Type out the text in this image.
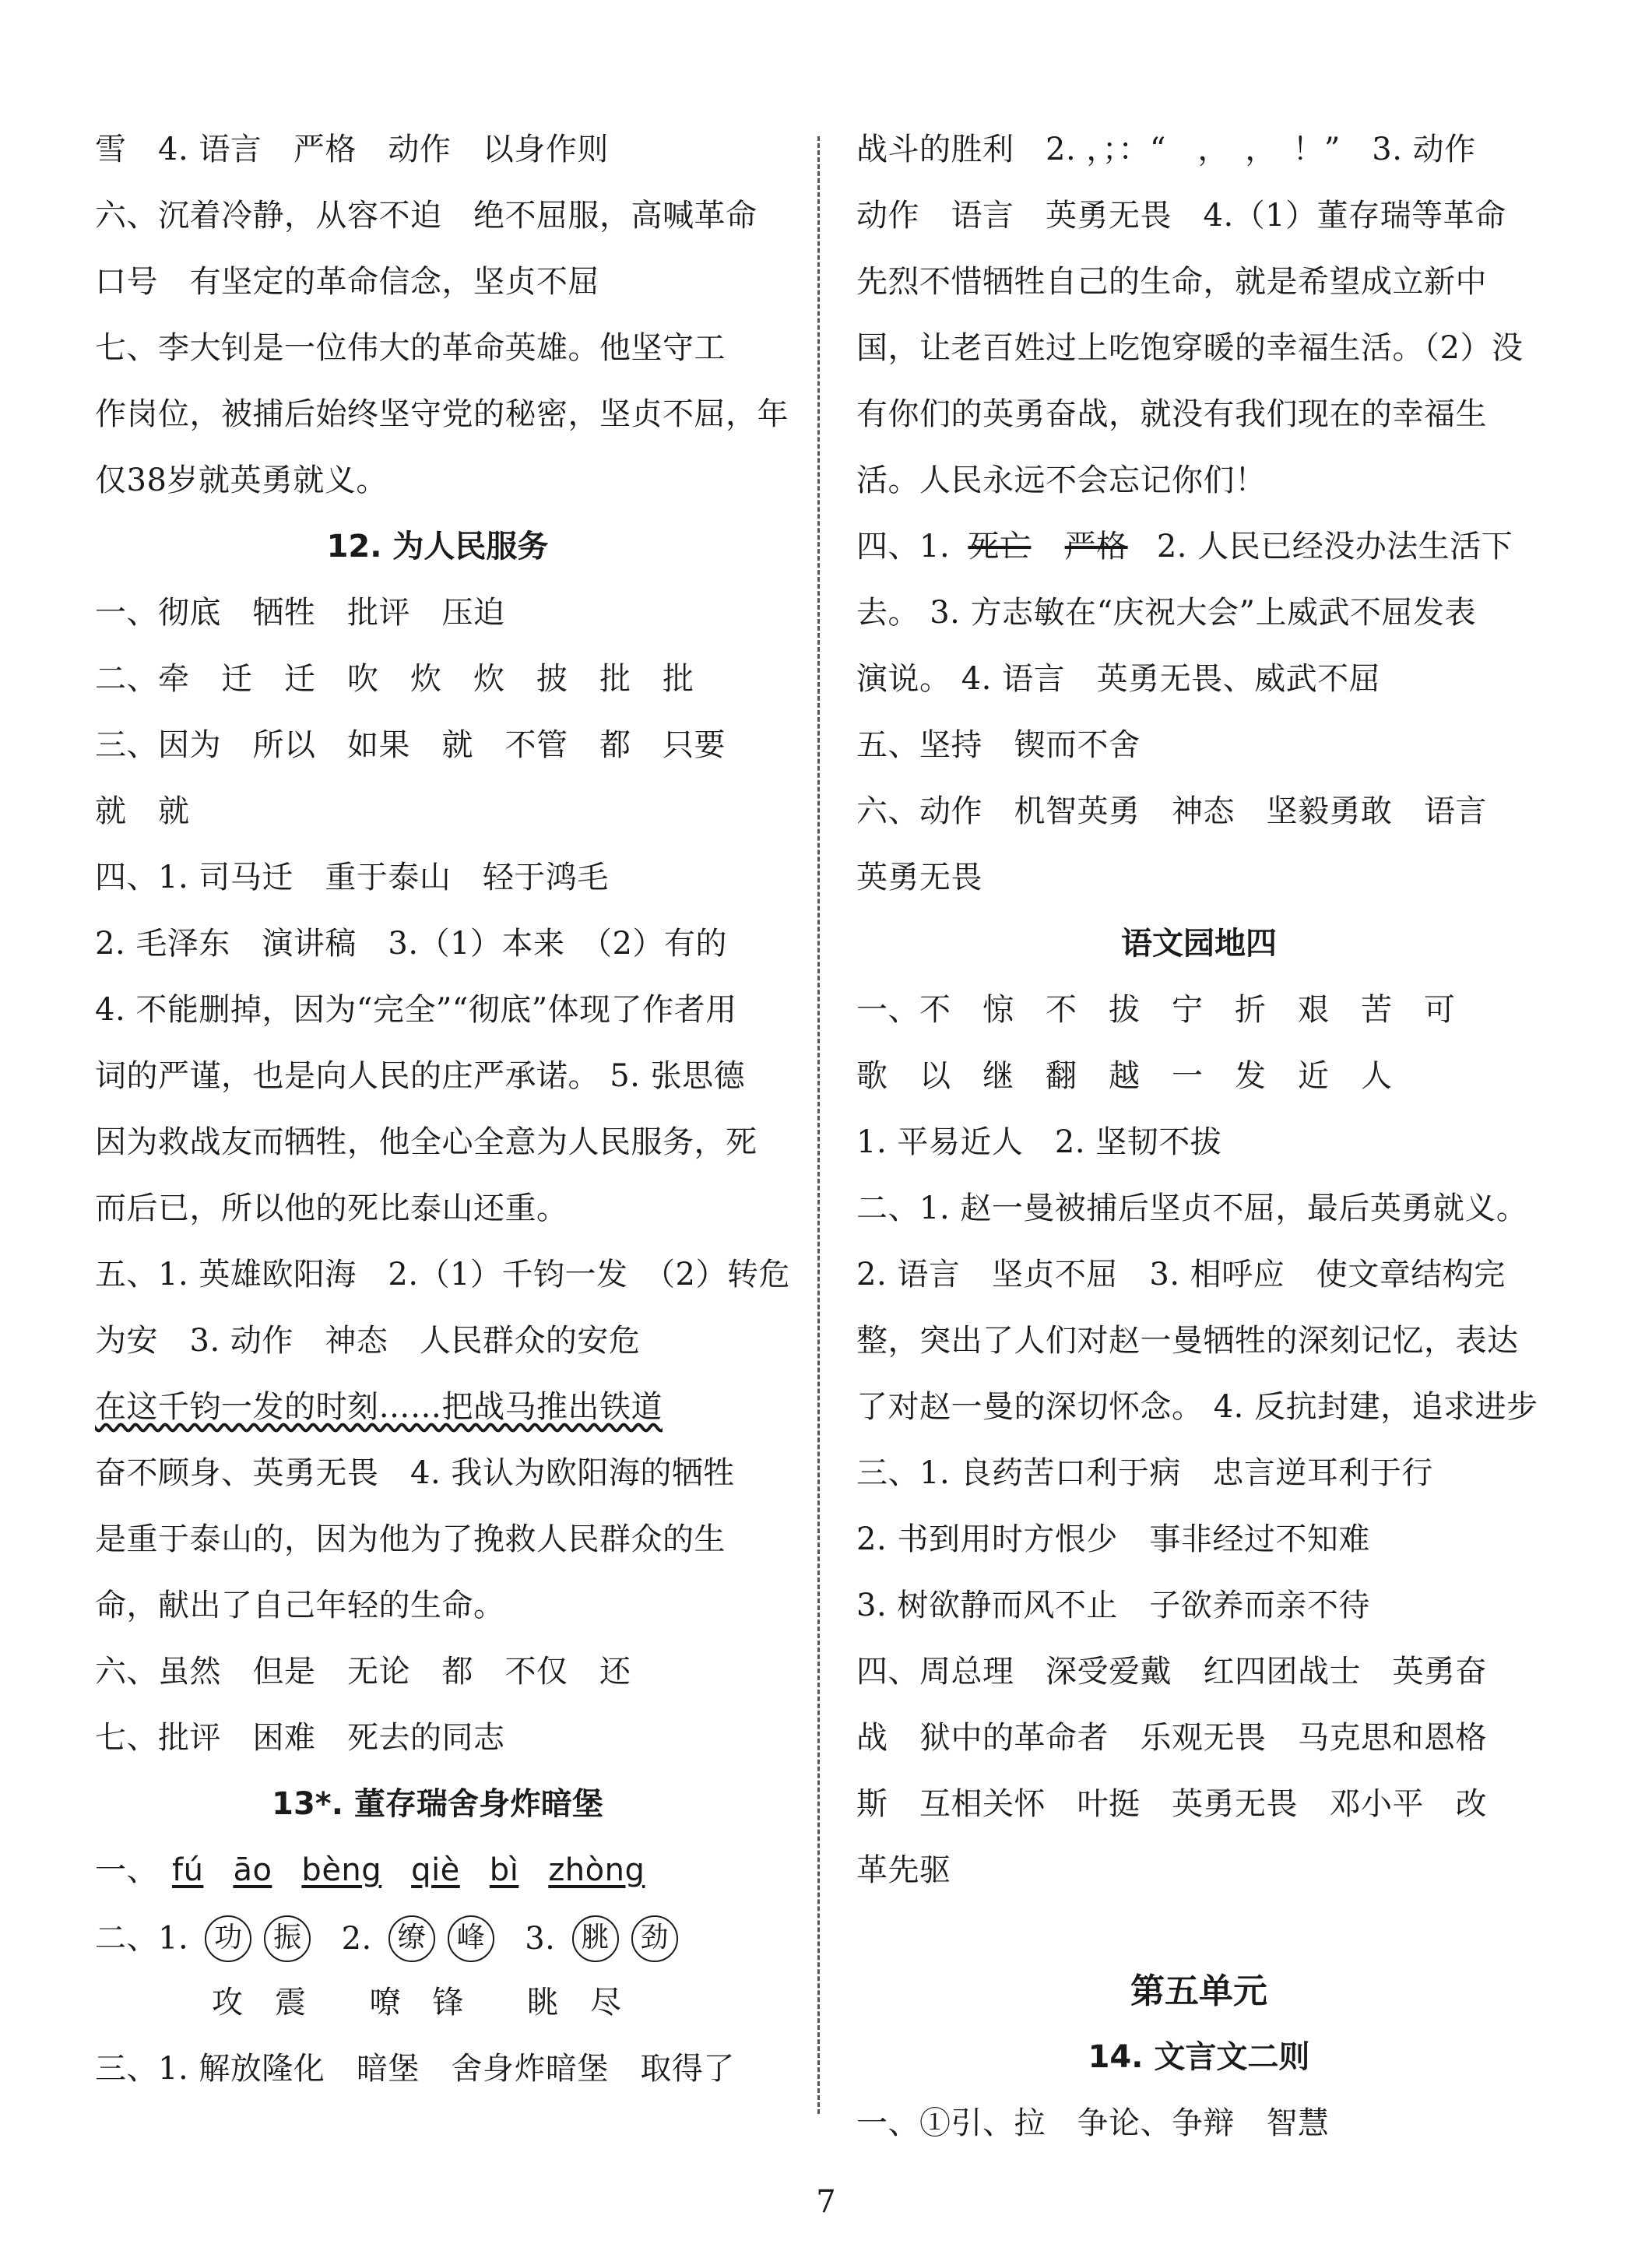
雪　4. 语言　严格　动作　以身作则
六、沉着冷静，从容不迫　绝不屈服，高喊革命
口号　有坚定的革命信念，坚贞不屈
七、李大钊是一位伟大的革命英雄。他坚守工
作岗位，被捕后始终坚守党的秘密，坚贞不屈，年
仅38岁就英勇就义。
12. 为人民服务
一、彻底　牺牲　批评　压迫
二、牵　迁　迁　吹　炊　炊　披　批　批
三、因为　所以　如果　就　不管　都　只要
就　就
四、1. 司马迁　重于泰山　轻于鸿毛
2. 毛泽东　演讲稿　3.（1）本来　（2）有的
4. 不能删掉，因为“完全”“彻底”体现了作者用
词的严谨，也是向人民的庄严承诺。 5. 张思德
因为救战友而牺牲，他全心全意为人民服务，死
而后已，所以他的死比泰山还重。
五、1. 英雄欧阳海　2.（1）千钧一发　（2）转危
为安　3. 动作　神态　人民群众的安危
在这千钧一发的时刻……把战马推出铁道
奋不顾身、英勇无畏　4. 我认为欧阳海的牺牲
是重于泰山的，因为他为了挽救人民群众的生
命，献出了自己年轻的生命。
六、虽然　但是　无论　都　不仅　还
七、批评　困难　死去的同志
13*. 董存瑞舍身炸暗堡
一、 fú āo bèng qiè bì zhòng
二、1. 功 振 2. 缭 峰 3. 脁 劲
攻　震　　嘹　锋　　眺　尽
三、1. 解放隆化　暗堡　舍身炸暗堡　取得了
战斗的胜利　2. ，；：“　，　，　！”　3. 动作
动作　语言　英勇无畏　4.（1）董存瑞等革命
先烈不惜牺牲自己的生命，就是希望成立新中
国，让老百姓过上吃饱穿暖的幸福生活。（2）没
有你们的英勇奋战，就没有我们现在的幸福生
活。人民永远不会忘记你们！
四、1. 死亡 严格 2. 人民已经没办法生活下
去。 3. 方志敏在“庆祝大会”上威武不屈发表
演说。 4. 语言　英勇无畏、威武不屈
五、坚持　锲而不舍
六、动作　机智英勇　神态　坚毅勇敢　语言
英勇无畏
语文园地四
一、不　惊　不　拔　宁　折　艰　苦　可
歌　以　继　翻　越　一　发　近　人
1. 平易近人　2. 坚韧不拔
二、1. 赵一曼被捕后坚贞不屈，最后英勇就义。
2. 语言　坚贞不屈　3. 相呼应　使文章结构完
整，突出了人们对赵一曼牺牲的深刻记忆，表达
了对赵一曼的深切怀念。 4. 反抗封建，追求进步
三、1. 良药苦口利于病　忠言逆耳利于行
2. 书到用时方恨少　事非经过不知难
3. 树欲静而风不止　子欲养而亲不待
四、周总理　深受爱戴　红四团战士　英勇奋
战　狱中的革命者　乐观无畏　马克思和恩格
斯　互相关怀　叶挺　英勇无畏　邓小平　改
革先驱
第五单元
14. 文言文二则
一、①引、拉　争论、争辩　智慧
7
